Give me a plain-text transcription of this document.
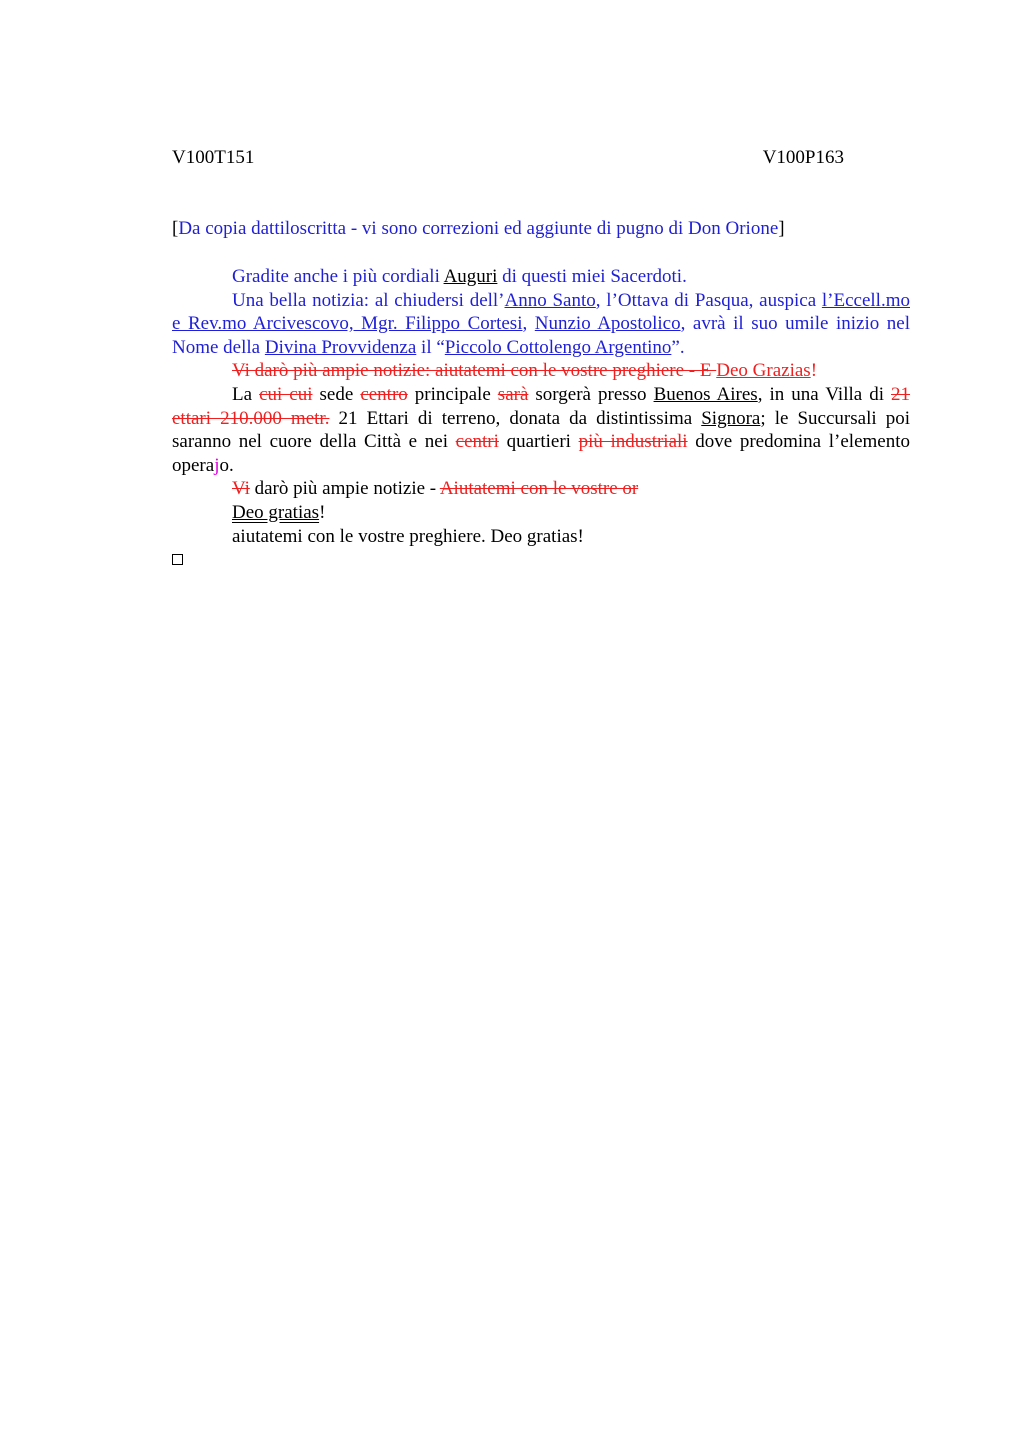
V100T151	V100P163
[Da copia dattiloscritta - vi sono correzioni ed aggiunte di pugno di Don Orione]

Gradite anche i più cordiali Auguri di questi miei Sacerdoti.

Una bella notizia: al chiudersi dell’Anno Santo, l’Ottava di Pasqua, auspica l’Eccell.mo e Rev.mo Arcivescovo, Mgr. Filippo Cortesi, Nunzio Apostolico, avrà il suo umile inizio nel Nome della Divina Provvidenza il “Piccolo Cottolengo Argentino”.

Vi darò più ampie notizie: aiutatemi con le vostre preghiere - E Deo Grazias!

La cui cui sede centro principale sarà sorgerà presso Buenos Aires, in una Villa di 21 ettari 210.000 metr. 21 Ettari di terreno, donata da distintissima Signora; le Succursali poi saranno nel cuore della Città e nei centri quartieri più industriali dove predomina l’elemento operajo.

Vi darò più ampie notizie - Aiutatemi con le vostre or

Deo gratias!

aiutatemi con le vostre preghiere. Deo gratias!
